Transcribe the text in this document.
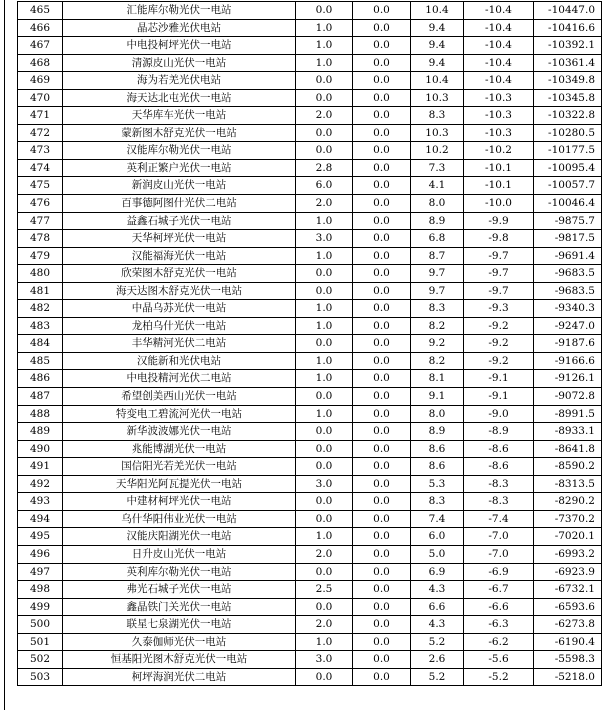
465	汇能库尔勒光伏一电站	0.0	0.0	10.4	-10.4	-10447.0
466	晶芯沙雅光伏电站	1.0	0.0	9.4	-10.4	-10416.6
467	中电投柯坪光伏一电站	1.0	0.0	9.4	-10.4	-10392.1
468	清源皮山光伏一电站	1.0	0.0	9.4	-10.4	-10361.4
469	海为若羌光伏电站	0.0	0.0	10.4	-10.4	-10349.8
470	海天达北屯光伏一电站	0.0	0.0	10.3	-10.3	-10345.8
471	天华库车光伏一电站	2.0	0.0	8.3	-10.3	-10322.8
472	蒙新图木舒克光伏一电站	0.0	0.0	10.3	-10.3	-10280.5
473	汉能库尔勒光伏一电站	0.0	0.0	10.2	-10.2	-10177.5
474	英利正繁户光伏一电站	2.8	0.0	7.3	-10.1	-10095.4
475	新润皮山光伏一电站	6.0	0.0	4.1	-10.1	-10057.7
476	百事德阿图什光伏二电站	2.0	0.0	8.0	-10.0	-10046.4
477	益鑫石城子光伏一电站	1.0	0.0	8.9	-9.9	-9875.7
478	天华柯坪光伏一电站	3.0	0.0	6.8	-9.8	-9817.5
479	汉能福海光伏一电站	1.0	0.0	8.7	-9.7	-9691.4
480	欣荣图木舒克光伏一电站	0.0	0.0	9.7	-9.7	-9683.5
481	海天达图木舒克光伏一电站	0.0	0.0	9.7	-9.7	-9683.5
482	中晶乌苏光伏一电站	1.0	0.0	8.3	-9.3	-9340.3
483	龙柏乌什光伏一电站	1.0	0.0	8.2	-9.2	-9247.0
484	丰华精河光伏二电站	0.0	0.0	9.2	-9.2	-9187.6
485	汉能新和光伏电站	1.0	0.0	8.2	-9.2	-9166.6
486	中电投精河光伏二电站	1.0	0.0	8.1	-9.1	-9126.1
487	希望创美西山光伏一电站	0.0	0.0	9.1	-9.1	-9072.8
488	特变电工碧流河光伏一电站	1.0	0.0	8.0	-9.0	-8991.5
489	新华波波娜光伏一电站	0.0	0.0	8.9	-8.9	-8933.1
490	兆能博湖光伏一电站	0.0	0.0	8.6	-8.6	-8641.8
491	国信阳光若羌光伏一电站	0.0	0.0	8.6	-8.6	-8590.2
492	天华阳光阿瓦提光伏一电站	3.0	0.0	5.3	-8.3	-8313.5
493	中建材柯坪光伏一电站	0.0	0.0	8.3	-8.3	-8290.2
494	乌什华阳伟业光伏一电站	0.0	0.0	7.4	-7.4	-7370.2
495	汉能庆阳湖光伏一电站	1.0	0.0	6.0	-7.0	-7020.1
496	日升皮山光伏一电站	2.0	0.0	5.0	-7.0	-6993.2
497	英利库尔勒光伏一电站	0.0	0.0	6.9	-6.9	-6923.9
498	弗光石城子光伏一电站	2.5	0.0	4.3	-6.7	-6732.1
499	鑫晶铁门关光伏一电站	0.0	0.0	6.6	-6.6	-6593.6
500	联星七泉湖光伏一电站	2.0	0.0	4.3	-6.3	-6273.8
501	久泰伽师光伏一电站	1.0	0.0	5.2	-6.2	-6190.4
502	恒基阳光图木舒克光伏一电站	3.0	0.0	2.6	-5.6	-5598.3
503	柯坪海润光伏二电站	0.0	0.0	5.2	-5.2	-5218.0
